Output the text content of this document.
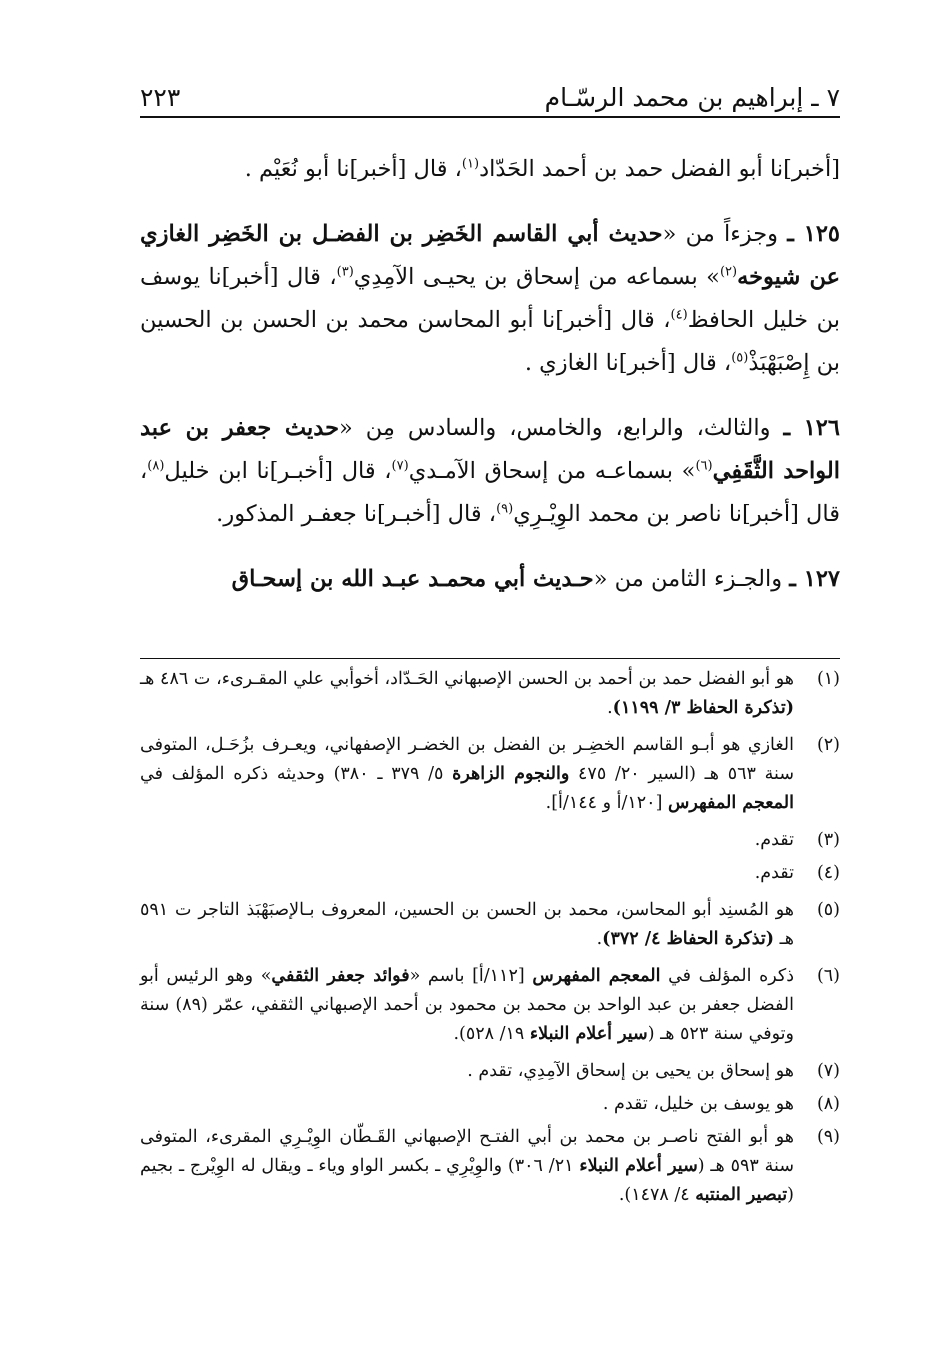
٧ ـ إبراهيم بن محمد الرسّـام
٢٢٣

[أخبر]نا أبو الفضل حمد بن أحمد الحَدّاد$^{(١)}$، قال [أخبر]نا أبو نُعَيْم .

١٢٥ ـ وجزءاً من «حديث أبي القاسم الخَضِر بن الفضـل بن الخَضِر الغازي عن شيوخه$^{(٢)}$» بسماعه من إسحاق بن يحيـى الآمِدِي$^{(٣)}$، قال [أخبر]نا يوسف بن خليل الحافظ$^{(٤)}$، قال [أخبر]نا أبو المحاسن محمد بن الحسن بن الحسين بن إِصْبَهْبَذْ$^{(٥)}$، قال [أخبر]نا الغازي .

١٢٦ ـ والثالث، والرابع، والخامس، والسادس مِن «حديث جعفر بن عبد الواحد الثَّقَفِي$^{(٦)}$» بسماعـه من إسحاق الآمـدي$^{(٧)}$، قال [أخبـر]نا ابن خليل$^{(٨)}$، قال [أخبر]نا ناصر بن محمد الوِيْـرِي$^{(٩)}$، قال [أخبـر]نا جعفـر المذكور.

١٢٧ ـ والجـزء الثامن من «حـديث أبي محمـد عبـد الله بن إسحـاق

(١)
هو أبو الفضل حمد بن أحمد بن الحسن الإصبهاني الحَـدّاد، أخوأبي علي المقـرىء، ت ٤٨٦ هـ (تذكرة الحفاظ ٣/ ١١٩٩).
(٢)
الغازي هو أبـو القاسم الخضِـر بن الفضل بن الخضـر الإصفهاني، ويعـرف بزُحَـل، المتوفى سنة ٥٦٣ هـ (السير ٢٠/ ٤٧٥ والنجوم الزاهرة ٥/ ٣٧٩ ـ ٣٨٠) وحديثه ذكره المؤلف في المعجم المفهرس [١٢٠/أ و ١٤٤/أ].
(٣)
تقدم.
(٤)
تقدم.
(٥)
هو المُسنِد أبو المحاسن، محمد بن الحسن بن الحسين، المعروف بـالإصبَهْبَذ التاجر ت ٥٩١ هـ (تذكرة الحفاظ ٤/ ٣٧٢).
(٦)
ذكره المؤلف في المعجم المفهرس [١١٢/أ] باسم «فوائد جعفر الثقفي» وهو الرئيس أبو الفضل جعفر بن عبد الواحد بن محمد بن محمود بن أحمد الإصبهاني الثقفي، عمّر (٨٩) سنة وتوفي سنة ٥٢٣ هـ (سير أعلام النبلاء ١٩/ ٥٢٨).
(٧)
هو إسحاق بن يحيى بن إسحاق الآمِدِي، تقدم .
(٨)
هو يوسف بن خليل، تقدم .
(٩)
هو أبو الفتح ناصـر بن محمد بن أبي الفتـح الإصبهاني القَـطّان الوِيْـرِي المقرىء، المتوفى سنة ٥٩٣ هـ (سير أعلام النبلاء ٢١/ ٣٠٦) والوِيْرِي ـ بكسر الواو وياء ـ ويقال له الوِيْرج ـ بجيم (تبصير المنتبه ٤/ ١٤٧٨).
